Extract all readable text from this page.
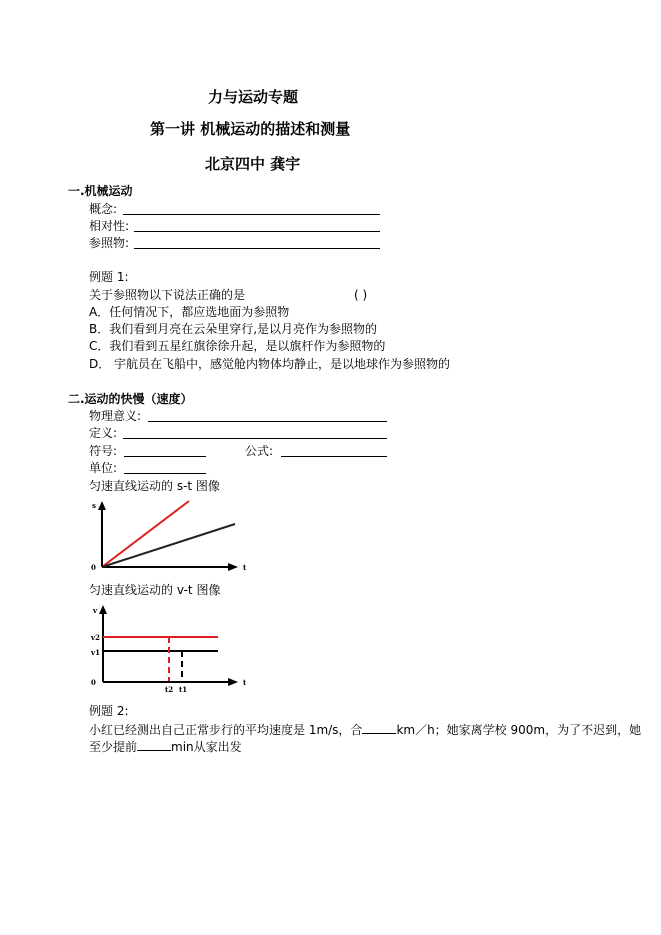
力与运动专题
第一讲 机械运动的描述和测量
北京四中 龚宇
一.机械运动
概念:
相对性:
参照物:
例题 1:
关于参照物以下说法正确的是	( )
A．任何情况下，都应选地面为参照物
B．我们看到月亮在云朵里穿行,是以月亮作为参照物的
C．我们看到五星红旗徐徐升起，是以旗杆作为参照物的
D． 宇航员在飞船中，感觉舱内物体均静止，是以地球作为参照物的
二.运动的快慢（速度）
物理意义:
定义:
符号:	公式:
单位:
匀速直线运动的 s-t 图像
s
0	t
匀速直线运动的 v-t 图像
v
v2
v1
0
t2 t1
t
例题 2:
小红已经测出自己正常步行的平均速度是 1m/s，合	km／h；她家离学校 900m，为了不迟到，她
至少提前	min从家出发
